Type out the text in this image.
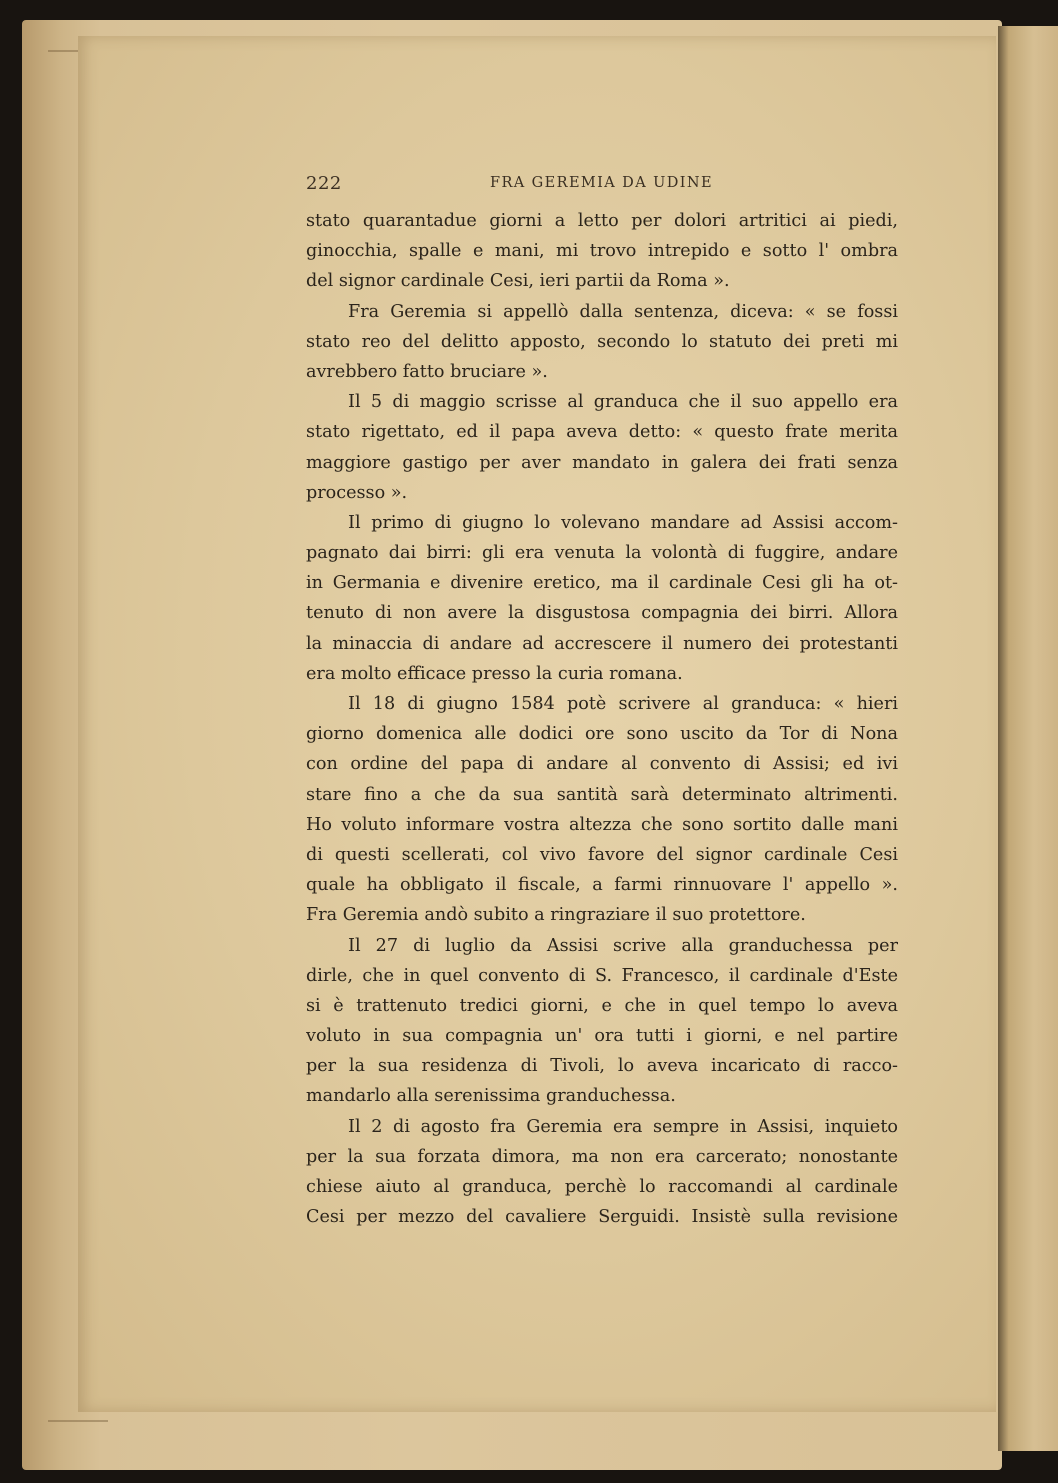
222	FRA GEREMIA DA UDINE
stato quarantadue giorni a letto per dolori artritici ai piedi,
ginocchia, spalle e mani, mi trovo intrepido e sotto l' ombra
del signor cardinale Cesi, ieri partii da Roma ».
Fra Geremia si appellò dalla sentenza, diceva: « se fossi
stato reo del delitto apposto, secondo lo statuto dei preti mi
avrebbero fatto bruciare ».
Il 5 di maggio scrisse al granduca che il suo appello era
stato rigettato, ed il papa aveva detto: « questo frate merita
maggiore gastigo per aver mandato in galera dei frati senza
processo ».
Il primo di giugno lo volevano mandare ad Assisi accom-
pagnato dai birri: gli era venuta la volontà di fuggire, andare
in Germania e divenire eretico, ma il cardinale Cesi gli ha ot-
tenuto di non avere la disgustosa compagnia dei birri. Allora
la minaccia di andare ad accrescere il numero dei protestanti
era molto efficace presso la curia romana.
Il 18 di giugno 1584 potè scrivere al granduca: « hieri
giorno domenica alle dodici ore sono uscito da Tor di Nona
con ordine del papa di andare al convento di Assisi; ed ivi
stare fino a che da sua santità sarà determinato altrimenti.
Ho voluto informare vostra altezza che sono sortito dalle mani
di questi scellerati, col vivo favore del signor cardinale Cesi
quale ha obbligato il fiscale, a farmi rinnuovare l' appello ».
Fra Geremia andò subito a ringraziare il suo protettore.
Il 27 di luglio da Assisi scrive alla granduchessa per
dirle, che in quel convento di S. Francesco, il cardinale d'Este
si è trattenuto tredici giorni, e che in quel tempo lo aveva
voluto in sua compagnia un' ora tutti i giorni, e nel partire
per la sua residenza di Tivoli, lo aveva incaricato di racco-
mandarlo alla serenissima granduchessa.
Il 2 di agosto fra Geremia era sempre in Assisi, inquieto
per la sua forzata dimora, ma non era carcerato; nonostante
chiese aiuto al granduca, perchè lo raccomandi al cardinale
Cesi per mezzo del cavaliere Serguidi. Insistè sulla revisione
